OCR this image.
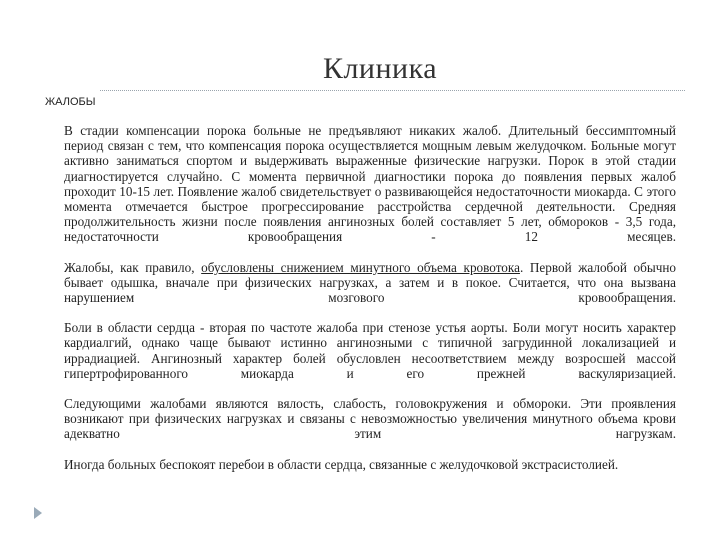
Клиника
ЖАЛОБЫ

В стадии компенсации порока больные не предъявляют никаких жалоб. Длительный бессимптомный период связан с тем, что компенсация порока осуществляется мощным левым желудочком. Больные могут активно заниматься спортом и выдерживать выраженные физические нагрузки. Порок в этой стадии диагностируется случайно. С момента первичной диагностики порока до появления первых жалоб проходит 10-15 лет. Появление жалоб свидетельствует о развивающейся недостаточности миокарда. С этого момента отмечается быстрое прогрессирование расстройства сердечной деятельности. Средняя продолжительность жизни после появления ангинозных болей составляет 5 лет, обмороков - 3,5 года, недостаточности кровообращения - 12 месяцев.

Жалобы, как правило, обусловлены снижением минутного объема кровотока. Первой жалобой обычно бывает одышка, вначале при физических нагрузках, а затем и в покое. Считается, что она вызвана нарушением мозгового кровообращения.

Боли в области сердца - вторая по частоте жалоба при стенозе устья аорты. Боли могут носить характер кардиалгий, однако чаще бывают истинно ангинозными с типичной загрудинной локализацией и иррадиацией. Ангинозный характер болей обусловлен несоответствием между возросшей массой гипертрофированного миокарда и его прежней васкуляризацией.

Следующими жалобами являются вялость, слабость, головокружения и обмороки. Эти проявления возникают при физических нагрузках и связаны с невозможностью увеличения минутного объема крови адекватно этим нагрузкам.

Иногда больных беспокоят перебои в области сердца, связанные с желудочковой экстрасистолией.
